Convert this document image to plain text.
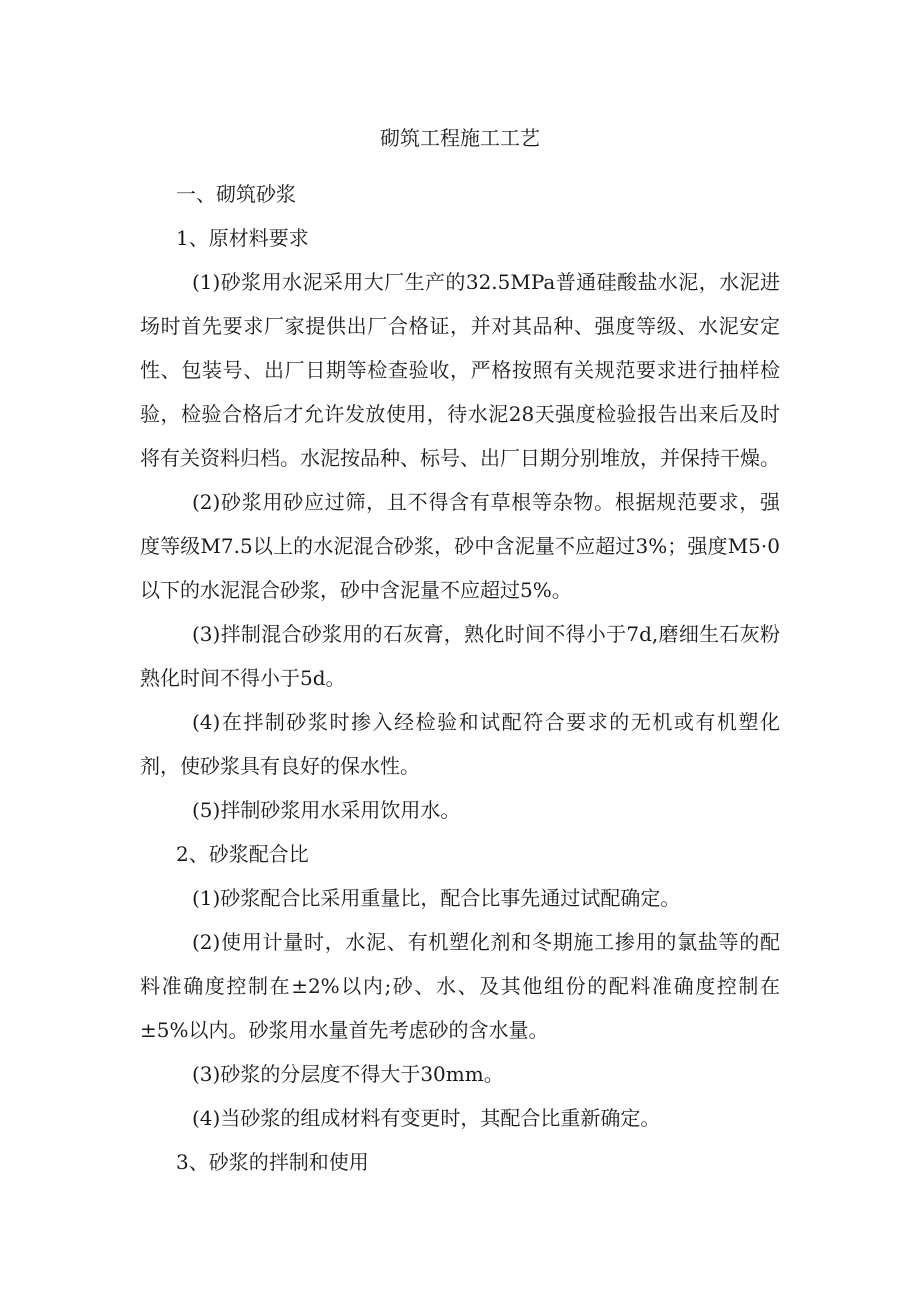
砌筑工程施工工艺

一、砌筑砂浆

1、原材料要求

(1)砂浆用水泥采用大厂生产的32.5MPa普通硅酸盐水泥，水泥进场时首先要求厂家提供出厂合格证，并对其品种、强度等级、水泥安定性、包装号、出厂日期等检查验收，严格按照有关规范要求进行抽样检验，检验合格后才允许发放使用，待水泥28天强度检验报告出来后及时将有关资料归档。水泥按品种、标号、出厂日期分别堆放，并保持干燥。

(2)砂浆用砂应过筛，且不得含有草根等杂物。根据规范要求，强度等级M7.5以上的水泥混合砂浆，砂中含泥量不应超过3%；强度M5·0以下的水泥混合砂浆，砂中含泥量不应超过5%。

(3)拌制混合砂浆用的石灰膏，熟化时间不得小于7d,磨细生石灰粉熟化时间不得小于5d。

(4)在拌制砂浆时掺入经检验和试配符合要求的无机或有机塑化剂，使砂浆具有良好的保水性。

(5)拌制砂浆用水采用饮用水。

2、砂浆配合比

(1)砂浆配合比采用重量比，配合比事先通过试配确定。

(2)使用计量时，水泥、有机塑化剂和冬期施工掺用的氯盐等的配料准确度控制在±2%以内;砂、水、及其他组份的配料准确度控制在±5%以内。砂浆用水量首先考虑砂的含水量。

(3)砂浆的分层度不得大于30mm。

(4)当砂浆的组成材料有变更时，其配合比重新确定。

3、砂浆的拌制和使用
